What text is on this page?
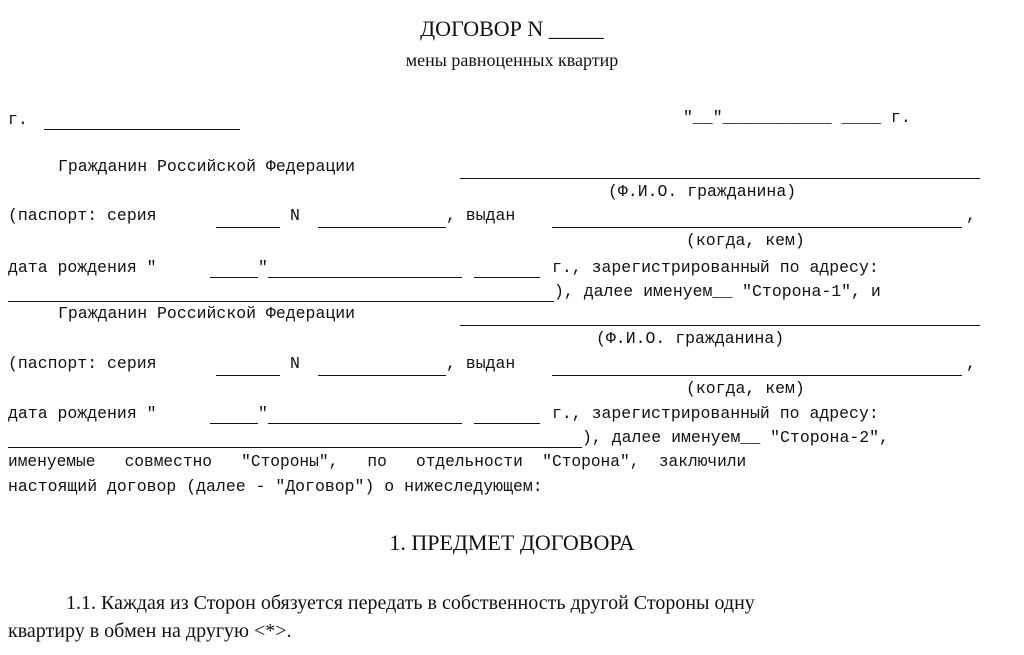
ДОГОВОР N _____
мены равноценных квартир
г.	"__"___________ ____ г.
Гражданин Российской Федерации
(Ф.И.О. гражданина)
(паспорт: серия	N	, выдан	,
(когда, кем)
дата рождения "	"	г., зарегистрированный по адресу:
), далее именуем__ "Сторона-1", и
Гражданин Российской Федерации
(Ф.И.О. гражданина)
(паспорт: серия	N	, выдан	,
(когда, кем)
дата рождения "	"	г., зарегистрированный по адресу:
), далее именуем__ "Сторона-2",
именуемые   совместно   "Стороны",   по   отдельности  "Сторона",  заключили
настоящий договор (далее - "Договор") о нижеследующем:
1. ПРЕДМЕТ ДОГОВОРА
1.1. Каждая из Сторон обязуется передать в собственность другой Стороны одну
квартиру в обмен на другую <*>.
